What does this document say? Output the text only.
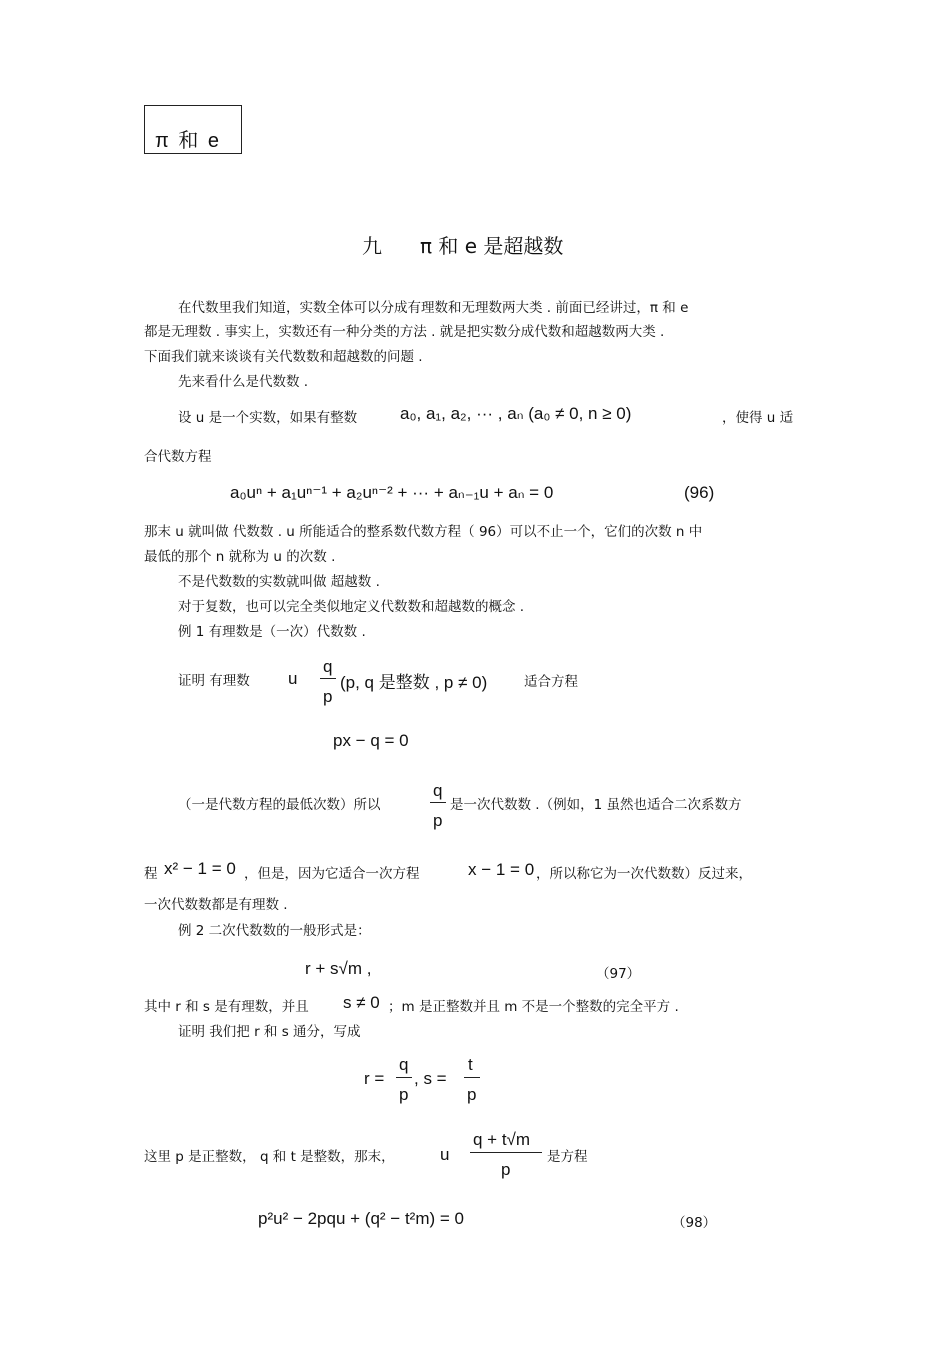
π 和 e
九 π 和 e 是超越数
在代数里我们知道，实数全体可以分成有理数和无理数两大类 . 前面已经讲过，π 和 e
都是无理数 . 事实上，实数还有一种分类的方法 . 就是把实数分成代数和超越数两大类 .
下面我们就来谈谈有关代数数和超越数的问题 .
先来看什么是代数数 .
设 u 是一个实数，如果有整数	a₀, a₁, a₂, ··· , aₙ (a₀ ≠ 0, n ≥ 0)	，使得 u 适
合代数方程
a₀uⁿ + a₁uⁿ⁻¹ + a₂uⁿ⁻² + ··· + aₙ₋₁u + aₙ = 0	(96)
那末 u 就叫做 代数数 . u 所能适合的整系数代数方程（ 96）可以不止一个，它们的次数 n 中
最低的那个 n 就称为 u 的次数 .
不是代数数的实数就叫做 超越数 .
对于复数，也可以完全类似地定义代数数和超越数的概念 .
例 1 有理数是（一次）代数数 .
证明 有理数 u
q
p
(p, q 是整数 , p ≠ 0)	适合方程
px − q = 0
（一是代数方程的最低次数）所以
q
p
是一次代数数 .（例如，1 虽然也适合二次系数方
程 x² − 1 = 0 ，但是，因为它适合一次方程	x − 1 = 0 ，所以称它为一次代数数）反过来，
一次代数数都是有理数 .
例 2 二次代数数的一般形式是：
r + s√m ,	（97）
其中 r 和 s 是有理数，并且 s ≠ 0 ；m 是正整数并且 m 不是一个整数的完全平方 .
证明 我们把 r 和 s 通分，写成
r =
q
p
, s =
t
p
这里 p 是正整数， q 和 t 是整数，那末，	u
q + t√m
p
是方程
p²u² − 2pqu + (q² − t²m) = 0	（98）
